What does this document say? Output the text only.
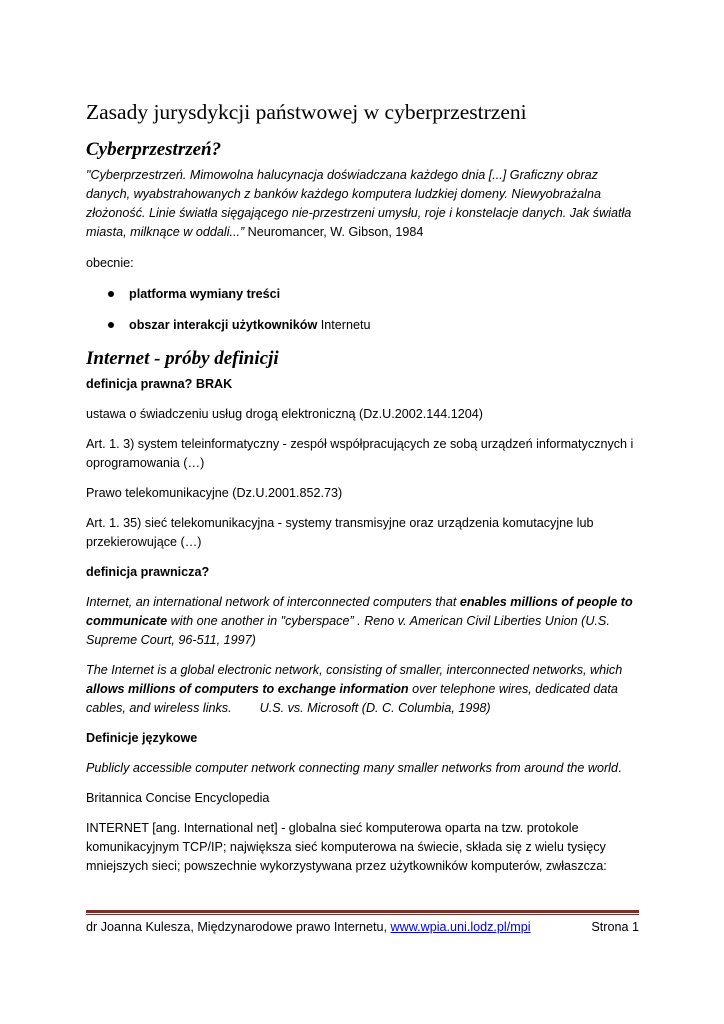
Zasady jurysdykcji państwowej w cyberprzestrzeni
Cyberprzestrzeń?

"Cyberprzestrzeń. Mimowolna halucynacja doświadczana każdego dnia [...] Graficzny obraz danych, wyabstrahowanych z banków każdego komputera ludzkiej domeny. Niewyobrażalna złożoność. Linie światła sięgającego nie-przestrzeni umysłu, roje i konstelacje danych. Jak światła miasta, milknące w oddali...” Neuromancer, W. Gibson, 1984

obecnie:

platforma wymiany treści
obszar interakcji użytkowników Internetu
Internet - próby definicji

definicja prawna? BRAK

ustawa o świadczeniu usług drogą elektroniczną (Dz.U.2002.144.1204)

Art. 1. 3) system teleinformatyczny - zespół współpracujących ze sobą urządzeń informatycznych i oprogramowania (…)

Prawo telekomunikacyjne (Dz.U.2001.852.73)

Art. 1. 35) sieć telekomunikacyjna - systemy transmisyjne oraz urządzenia komutacyjne lub przekierowujące (…)

definicja prawnicza?

Internet, an international network of interconnected computers that enables millions of people to communicate with one another in "cyberspace” . Reno v. American Civil Liberties Union (U.S. Supreme Court, 96-511, 1997)

The Internet is a global electronic network, consisting of smaller, interconnected networks, which allows millions of computers to exchange information over telephone wires, dedicated data cables, and wireless links. U.S. vs. Microsoft (D. C. Columbia, 1998)

Definicje językowe

Publicly accessible computer network connecting many smaller networks from around the world.

Britannica Concise Encyclopedia

INTERNET [ang. International net] - globalna sieć komputerowa oparta na tzw. protokole komunikacyjnym TCP/IP; największa sieć komputerowa na świecie, składa się z wielu tysięcy mniejszych sieci; powszechnie wykorzystywana przez użytkowników komputerów, zwłaszcza:

dr Joanna Kulesza, Międzynarodowe prawo Internetu, www.wpia.uni.lodz.pl/mpi	Strona 1
